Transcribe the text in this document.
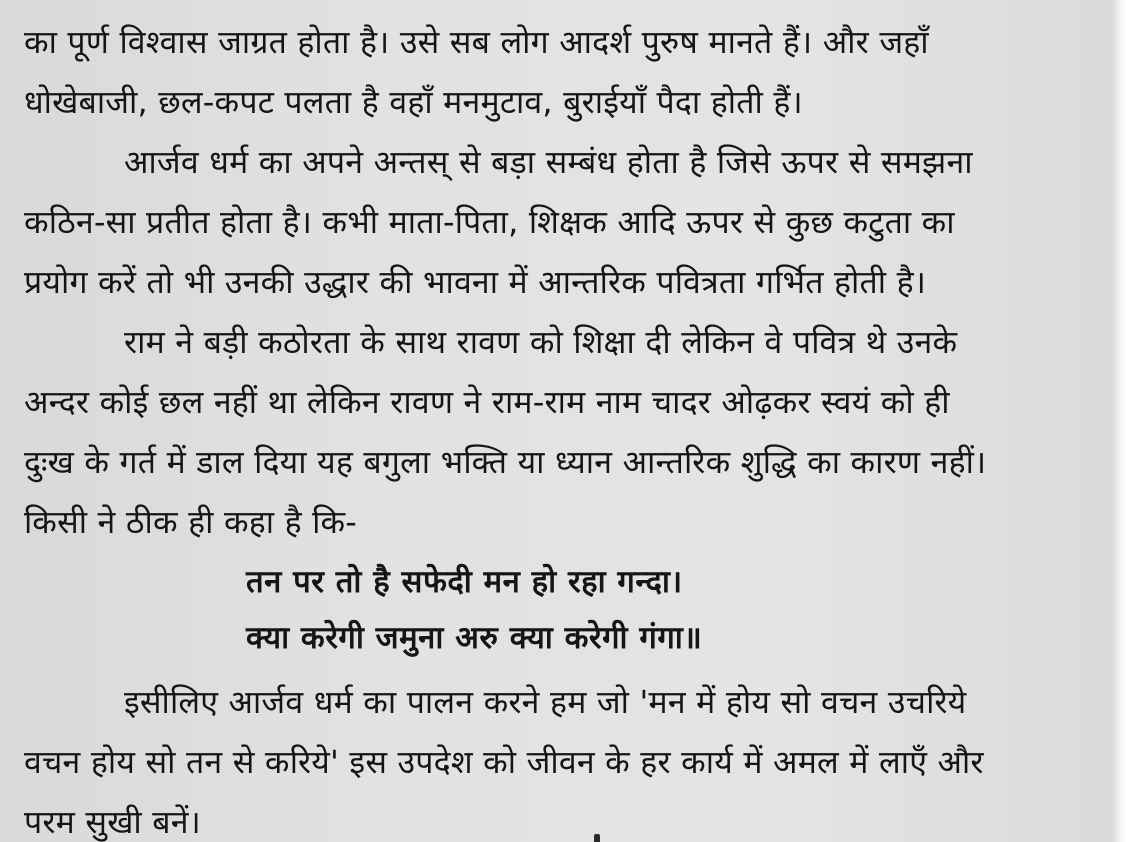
का पूर्ण विश्वास जाग्रत होता है। उसे सब लोग आदर्श पुरुष मानते हैं। और जहाँ
धोखेबाजी, छल-कपट पलता है वहाँ मनमुटाव, बुराईयाँ पैदा होती हैं।
आर्जव धर्म का अपने अन्तस् से बड़ा सम्बंध होता है जिसे ऊपर से समझना
कठिन-सा प्रतीत होता है। कभी माता-पिता, शिक्षक आदि ऊपर से कुछ कटुता का
प्रयोग करें तो भी उनकी उद्धार की भावना में आन्तरिक पवित्रता गर्भित होती है।
राम ने बड़ी कठोरता के साथ रावण को शिक्षा दी लेकिन वे पवित्र थे उनके
अन्दर कोई छल नहीं था लेकिन रावण ने राम-राम नाम चादर ओढ़कर स्वयं को ही
दुःख के गर्त में डाल दिया यह बगुला भक्ति या ध्यान आन्तरिक शुद्धि का कारण नहीं।
किसी ने ठीक ही कहा है कि-
तन पर तो है सफेदी मन हो रहा गन्दा।
क्या करेगी जमुना अरु क्या करेगी गंगा॥
इसीलिए आर्जव धर्म का पालन करने हम जो 'मन में होय सो वचन उचरिये
वचन होय सो तन से करिये' इस उपदेश को जीवन के हर कार्य में अमल में लाएँ और
परम सुखी बनें।
